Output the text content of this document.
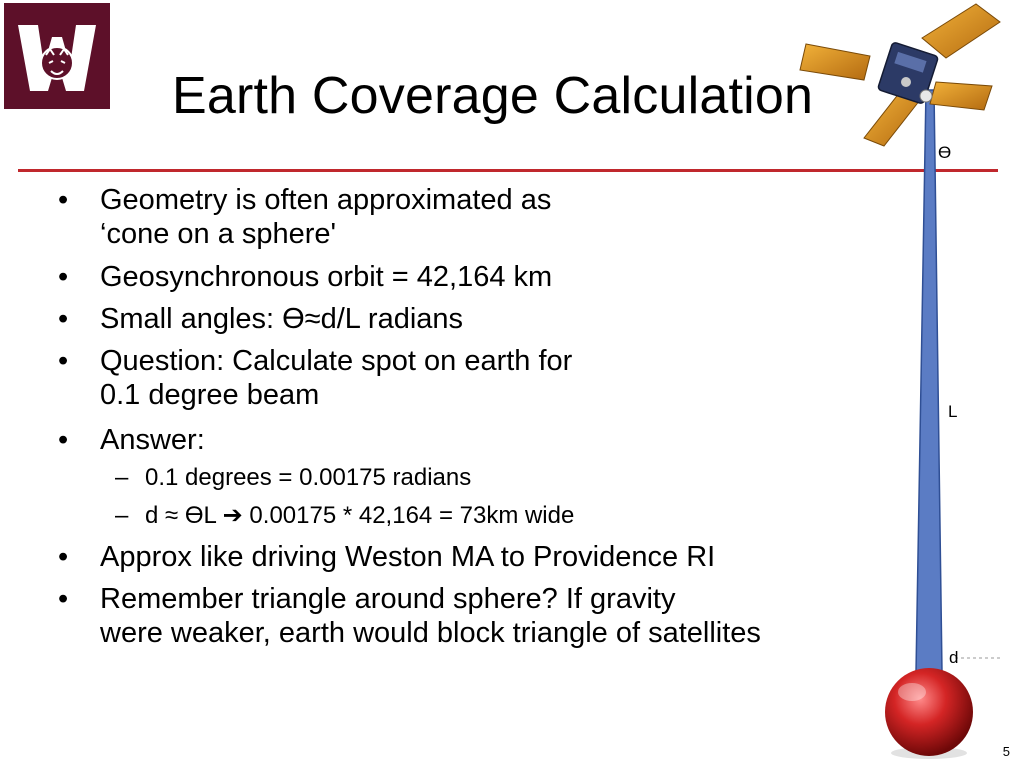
Earth Coverage Calculation
Ө
L
d
• Geometry is often approximated as
‘cone on a sphere'
• Geosynchronous orbit = 42,164 km
• Small angles: Ө≈d/L radians
• Question: Calculate spot on earth for
0.1 degree beam
• Answer:
– 0.1 degrees = 0.00175 radians
– d ≈ ӨL ➔ 0.00175 * 42,164 = 73km wide
• Approx like driving Weston MA to Providence RI
• Remember triangle around sphere? If gravity
were weaker, earth would block triangle of satellites
5
